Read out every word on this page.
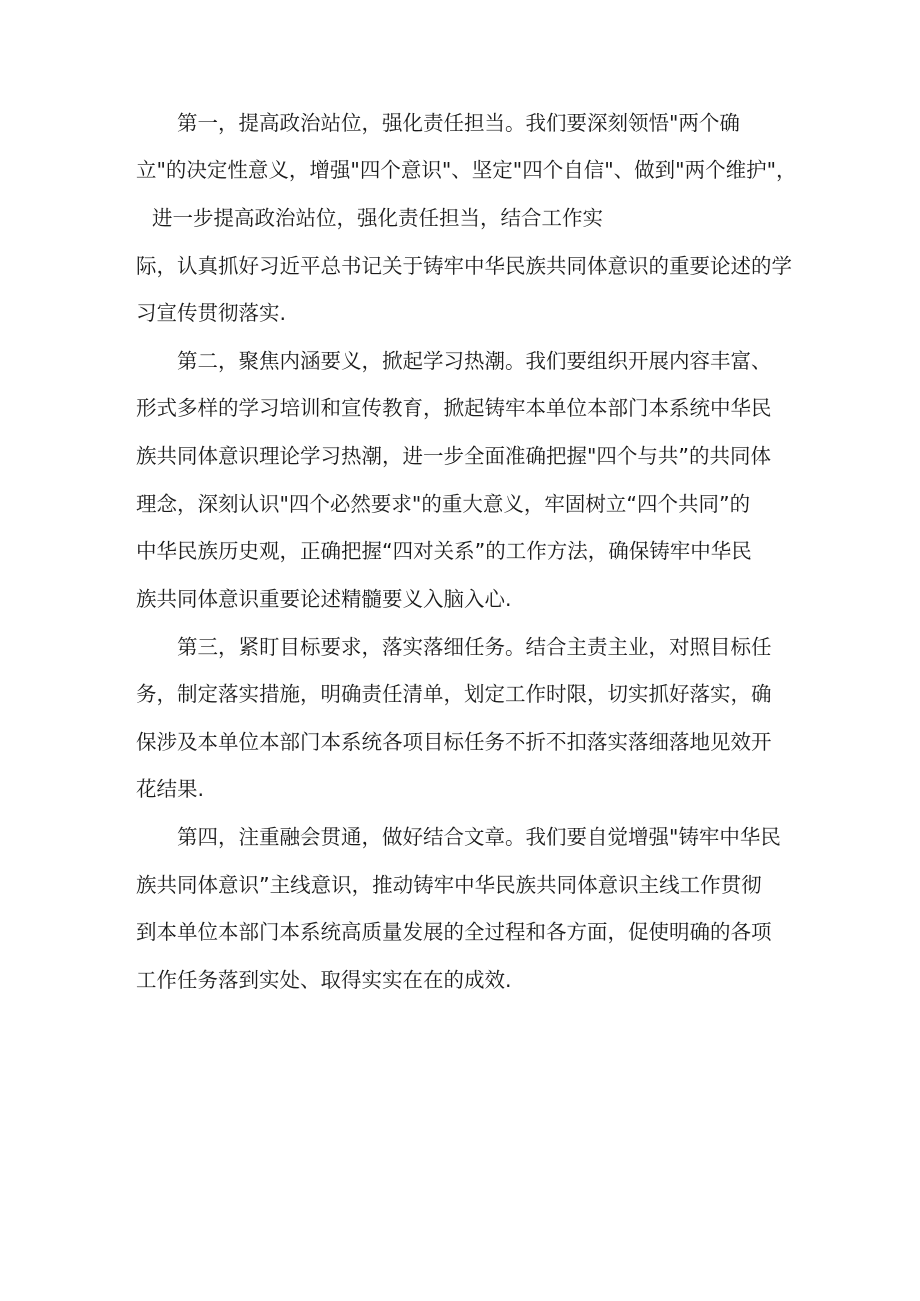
第一，提高政治站位，强化责任担当。我们要深刻领悟"两个确
立"的决定性意义，增强"四个意识"、坚定"四个自信"、做到"两个维护"，
进一步提高政治站位，强化责任担当，结合工作实
际，认真抓好习近平总书记关于铸牢中华民族共同体意识的重要论述的学
习宣传贯彻落实.
第二，聚焦内涵要义，掀起学习热潮。我们要组织开展内容丰富、
形式多样的学习培训和宣传教育，掀起铸牢本单位本部门本系统中华民
族共同体意识理论学习热潮，进一步全面准确把握"四个与共”的共同体
理念，深刻认识"四个必然要求"的重大意义，牢固树立“四个共同”的
中华民族历史观，正确把握“四对关系”的工作方法，确保铸牢中华民
族共同体意识重要论述精髓要义入脑入心.
第三，紧盯目标要求，落实落细任务。结合主责主业，对照目标任
务，制定落实措施，明确责任清单，划定工作时限，切实抓好落实，确
保涉及本单位本部门本系统各项目标任务不折不扣落实落细落地见效开
花结果.
第四，注重融会贯通，做好结合文章。我们要自觉增强"铸牢中华民
族共同体意识”主线意识，推动铸牢中华民族共同体意识主线工作贯彻
到本单位本部门本系统高质量发展的全过程和各方面，促使明确的各项
工作任务落到实处、取得实实在在的成效.
